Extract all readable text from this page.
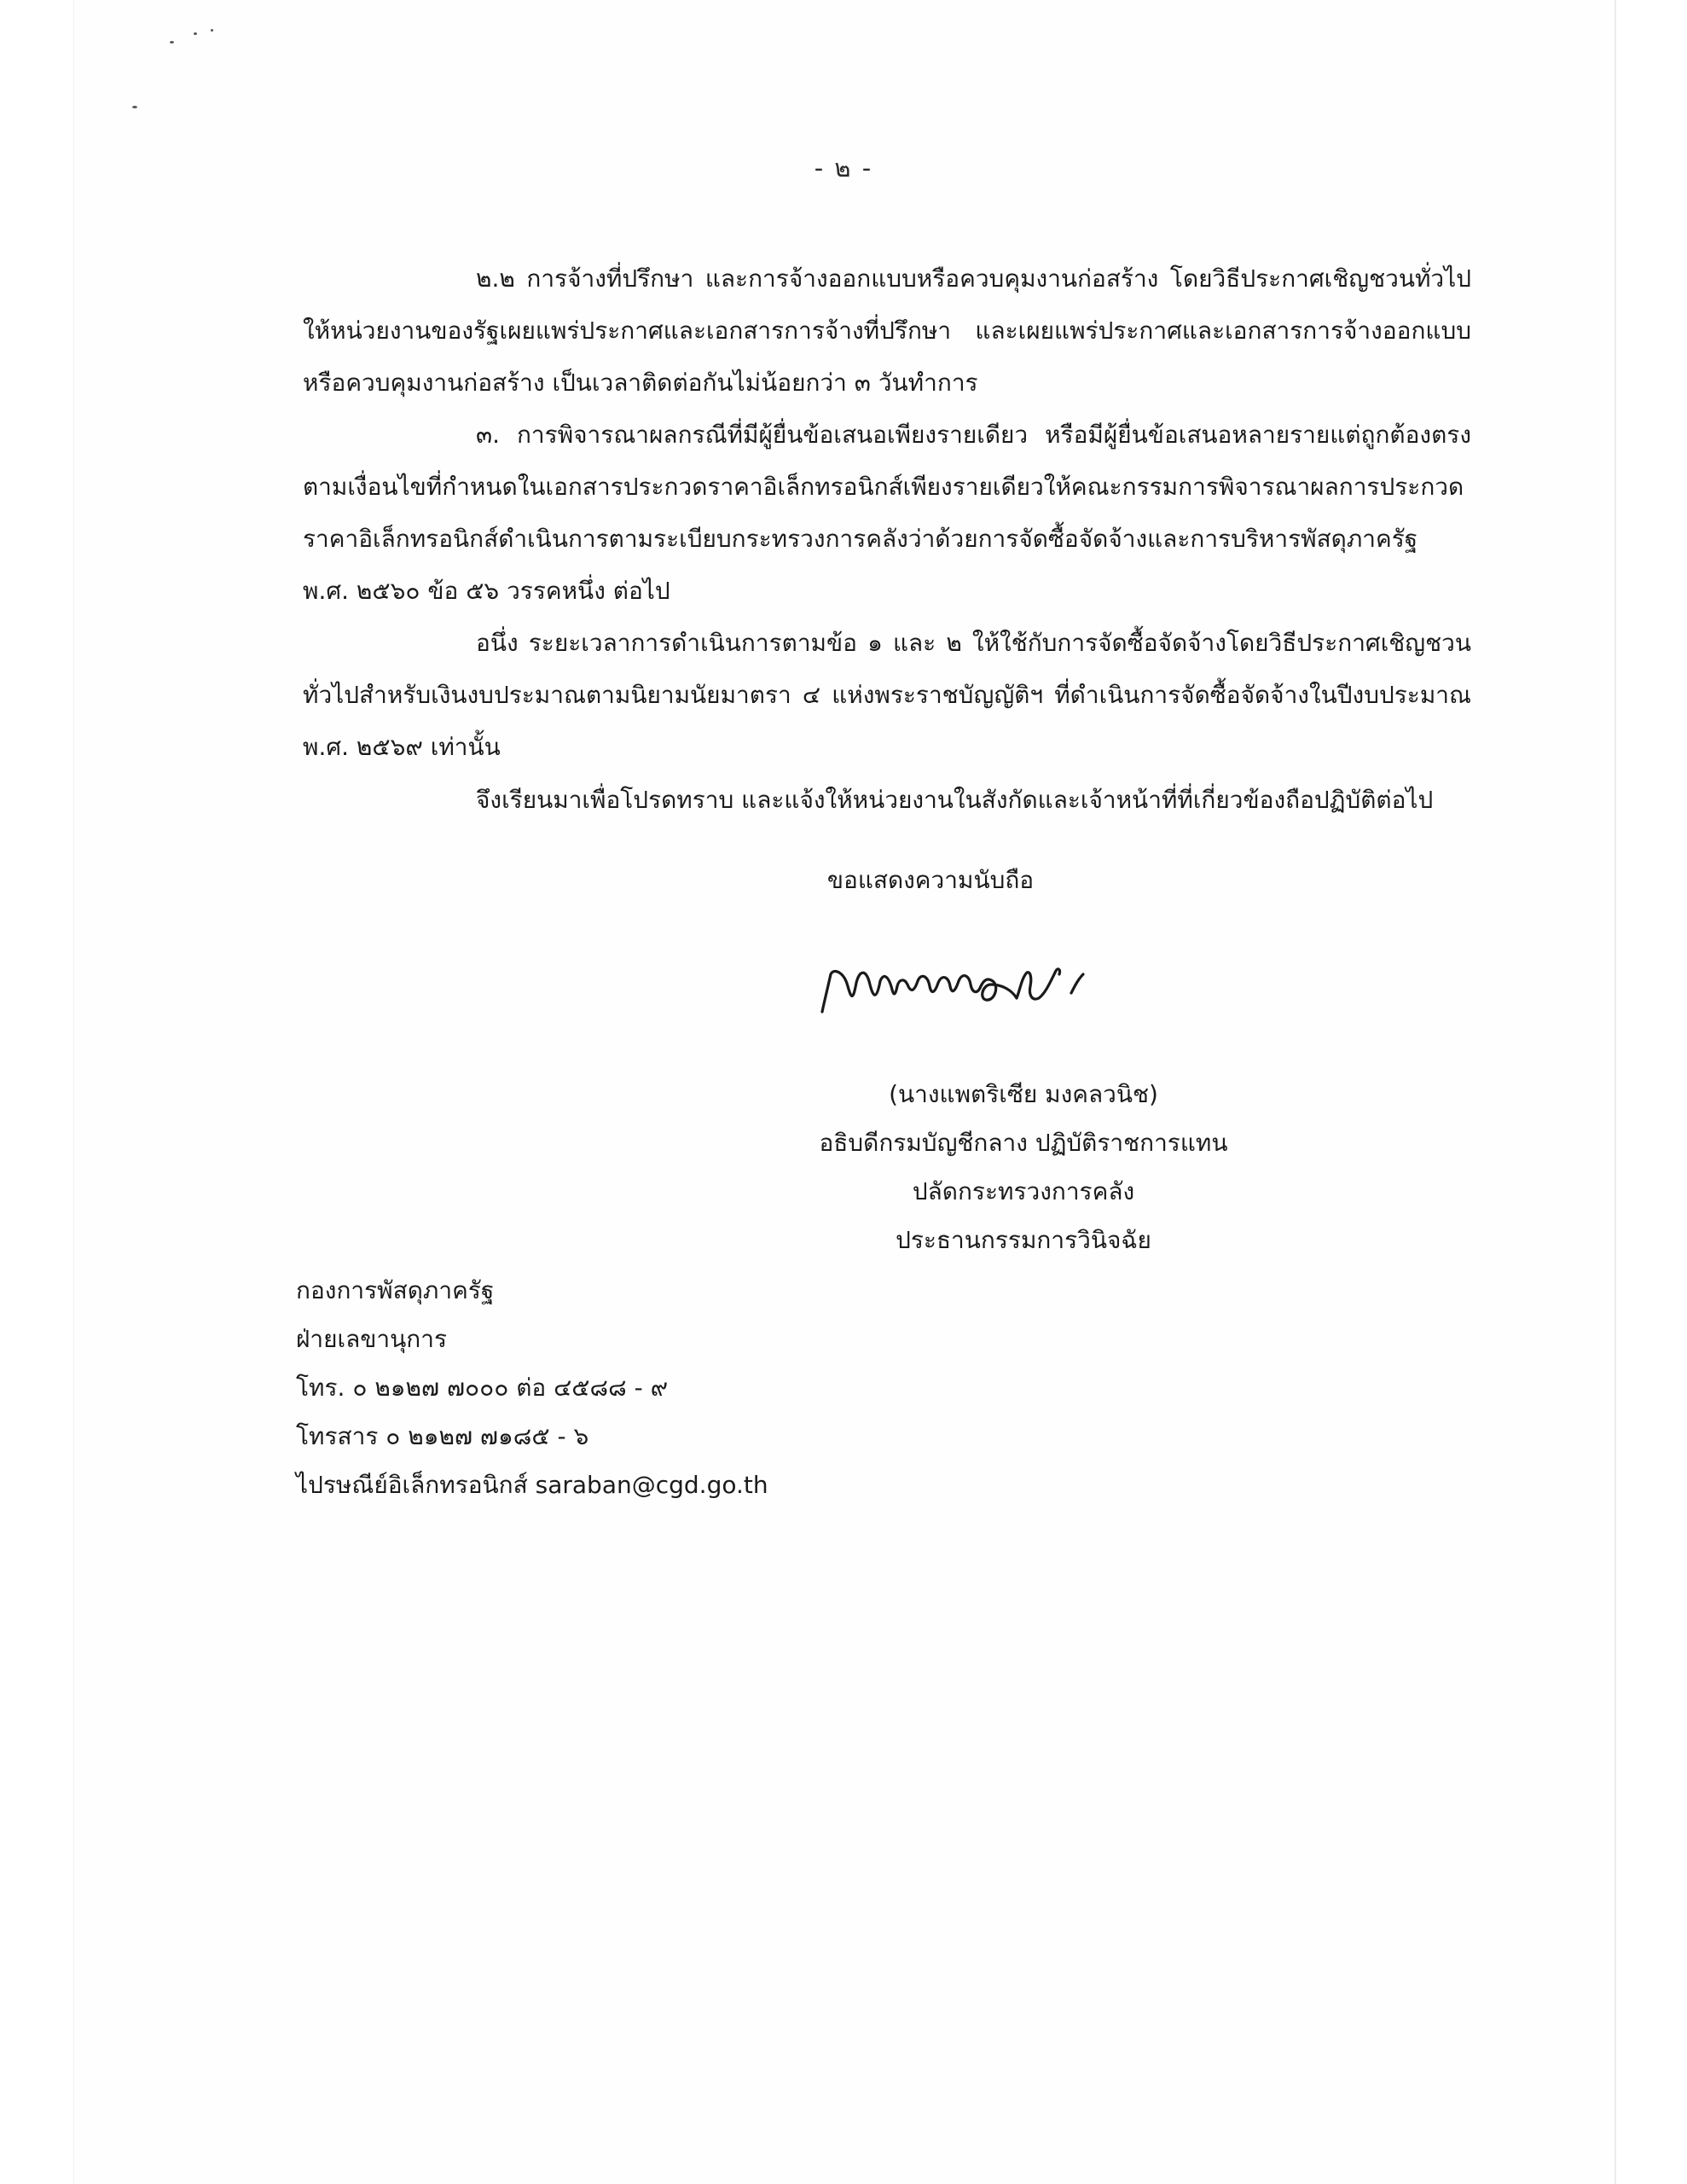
- ๒ -

๒.๒ การจ้างที่ปรึกษา และการจ้างออกแบบหรือควบคุมงานก่อสร้าง โดยวิธีประกาศเชิญชวนทั่วไป ให้หน่วยงานของรัฐเผยแพร่ประกาศและเอกสารการจ้างที่ปรึกษา และเผยแพร่ประกาศและเอกสารการจ้างออกแบบหรือควบคุมงานก่อสร้าง เป็นเวลาติดต่อกันไม่น้อยกว่า ๓ วันทำการ

๓. การพิจารณาผลกรณีที่มีผู้ยื่นข้อเสนอเพียงรายเดียว หรือมีผู้ยื่นข้อเสนอหลายรายแต่ถูกต้องตรงตามเงื่อนไขที่กำหนดในเอกสารประกวดราคาอิเล็กทรอนิกส์เพียงรายเดียวให้คณะกรรมการพิจารณาผลการประกวดราคาอิเล็กทรอนิกส์ดำเนินการตามระเบียบกระทรวงการคลังว่าด้วยการจัดซื้อจัดจ้างและการบริหารพัสดุภาครัฐ พ.ศ. ๒๕๖๐ ข้อ ๕๖ วรรคหนึ่ง ต่อไป

อนึ่ง ระยะเวลาการดำเนินการตามข้อ ๑ และ ๒ ให้ใช้กับการจัดซื้อจัดจ้างโดยวิธีประกาศเชิญชวนทั่วไปสำหรับเงินงบประมาณตามนิยามนัยมาตรา ๔ แห่งพระราชบัญญัติฯ ที่ดำเนินการจัดซื้อจัดจ้างในปีงบประมาณ พ.ศ. ๒๕๖๙ เท่านั้น

จึงเรียนมาเพื่อโปรดทราบ และแจ้งให้หน่วยงานในสังกัดและเจ้าหน้าที่ที่เกี่ยวข้องถือปฏิบัติต่อไป
ขอแสดงความนับถือ
(นางแพตริเซีย มงคลวนิช)
อธิบดีกรมบัญชีกลาง ปฏิบัติราชการแทน
ปลัดกระทรวงการคลัง
ประธานกรรมการวินิจฉัย
กองการพัสดุภาครัฐ
ฝ่ายเลขานุการ
โทร. ๐ ๒๑๒๗ ๗๐๐๐ ต่อ ๔๕๘๘ - ๙
โทรสาร ๐ ๒๑๒๗ ๗๑๘๕ - ๖
ไปรษณีย์อิเล็กทรอนิกส์ saraban@cgd.go.th
